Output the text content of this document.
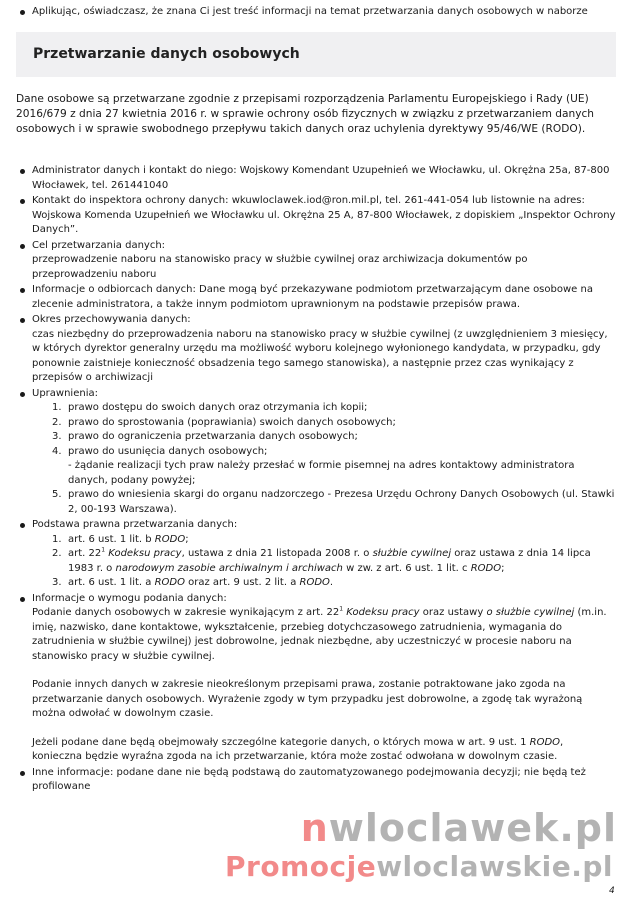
Aplikując, oświadczasz, że znana Ci jest treść informacji na temat przetwarzania danych osobowych w naborze
Przetwarzanie danych osobowych

Dane osobowe są przetwarzane zgodnie z przepisami rozporządzenia Parlamentu Europejskiego i Rady (UE) 2016/679 z dnia 27 kwietnia 2016 r. w sprawie ochrony osób fizycznych w związku z przetwarzaniem danych osobowych i w sprawie swobodnego przepływu takich danych oraz uchylenia dyrektywy 95/46/WE (RODO).

Administrator danych i kontakt do niego: Wojskowy Komendant Uzupełnień we Włocławku, ul. Okrężna 25a, 87-800 Włocławek, tel. 261441040
Kontakt do inspektora ochrony danych: wkuwloclawek.iod@ron.mil.pl, tel. 261-441-054 lub listownie na adres: Wojskowa Komenda Uzupełnień we Włocławku ul. Okrężna 25 A, 87-800 Włocławek, z dopiskiem „Inspektor Ochrony Danych”.
Cel przetwarzania danych:
przeprowadzenie naboru na stanowisko pracy w służbie cywilnej oraz archiwizacja dokumentów po przeprowadzeniu naboru
Informacje o odbiorcach danych: Dane mogą być przekazywane podmiotom przetwarzającym dane osobowe na zlecenie administratora, a także innym podmiotom uprawnionym na podstawie przepisów prawa.
Okres przechowywania danych:
czas niezbędny do przeprowadzenia naboru na stanowisko pracy w służbie cywilnej (z uwzględnieniem 3 miesięcy, w których dyrektor generalny urzędu ma możliwość wyboru kolejnego wyłonionego kandydata, w przypadku, gdy ponownie zaistnieje konieczność obsadzenia tego samego stanowiska), a następnie przez czas wynikający z przepisów o archiwizacji
Uprawnienia:
1. prawo dostępu do swoich danych oraz otrzymania ich kopii;
2. prawo do sprostowania (poprawiania) swoich danych osobowych;
3. prawo do ograniczenia przetwarzania danych osobowych;
4. prawo do usunięcia danych osobowych;
- żądanie realizacji tych praw należy przesłać w formie pisemnej na adres kontaktowy administratora danych, podany powyżej;
5. prawo do wniesienia skargi do organu nadzorczego - Prezesa Urzędu Ochrony Danych Osobowych (ul. Stawki 2, 00-193 Warszawa).
Podstawa prawna przetwarzania danych:
1. art. 6 ust. 1 lit. b RODO;
2. art. $22^1$ Kodeksu pracy, ustawa z dnia 21 listopada 2008 r. o służbie cywilnej oraz ustawa z dnia 14 lipca 1983 r. o narodowym zasobie archiwalnym i archiwach w zw. z art. 6 ust. 1 lit. c RODO;
3. art. 6 ust. 1 lit. a RODO oraz art. 9 ust. 2 lit. a RODO.
Informacje o wymogu podania danych:

Podanie danych osobowych w zakresie wynikającym z art. $22^1$ Kodeksu pracy oraz ustawy o służbie cywilnej (m.in. imię, nazwisko, dane kontaktowe, wykształcenie, przebieg dotychczasowego zatrudnienia, wymagania do zatrudnienia w służbie cywilnej) jest dobrowolne, jednak niezbędne, aby uczestniczyć w procesie naboru na stanowisko pracy w służbie cywilnej.

Podanie innych danych w zakresie nieokreślonym przepisami prawa, zostanie potraktowane jako zgoda na przetwarzanie danych osobowych. Wyrażenie zgody w tym przypadku jest dobrowolne, a zgodę tak wyrażoną można odwołać w dowolnym czasie.

Jeżeli podane dane będą obejmowały szczególne kategorie danych, o których mowa w art. 9 ust. 1 RODO, konieczna będzie wyraźna zgoda na ich przetwarzanie, która może zostać odwołana w dowolnym czasie.

Inne informacje: podane dane nie będą podstawą do zautomatyzowanego podejmowania decyzji; nie będą też profilowane
nwloclawek.pl
Promocjewloclawskie.pl
4
